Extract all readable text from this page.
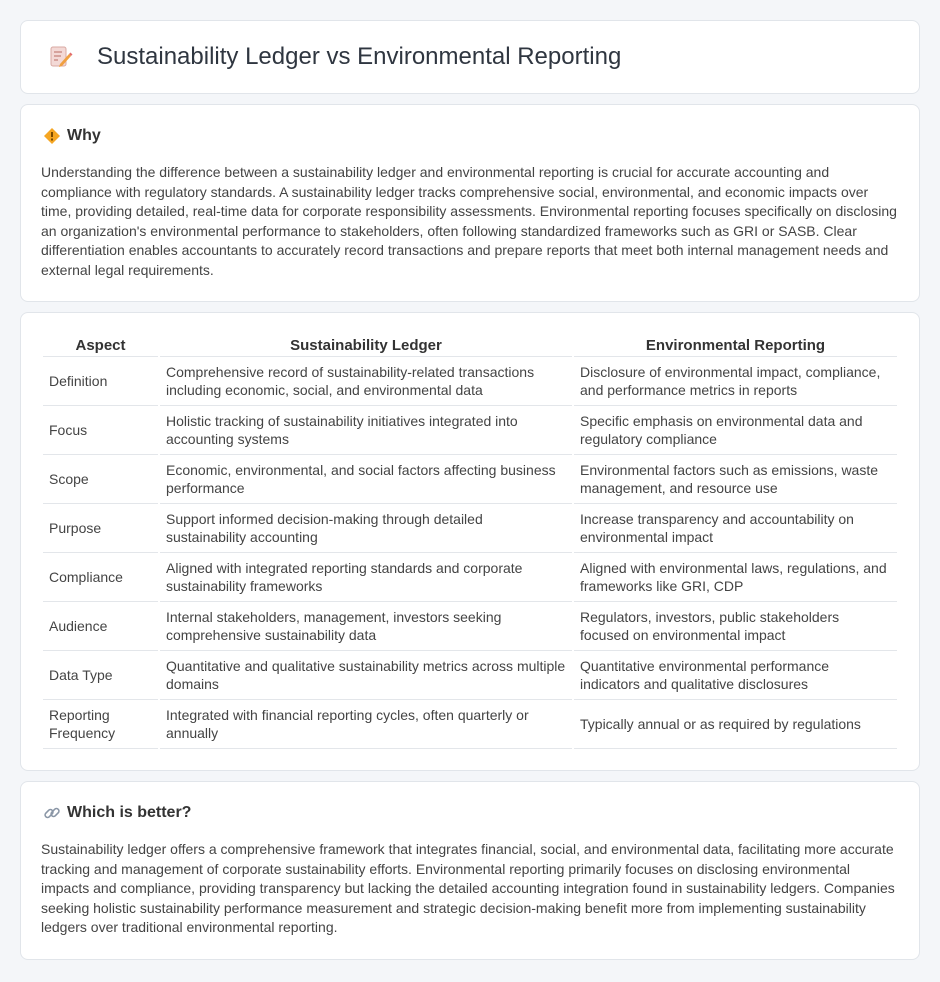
Sustainability Ledger vs Environmental Reporting
Why

Understanding the difference between a sustainability ledger and environmental reporting is crucial for accurate accounting and compliance with regulatory standards. A sustainability ledger tracks comprehensive social, environmental, and economic impacts over time, providing detailed, real-time data for corporate responsibility assessments. Environmental reporting focuses specifically on disclosing an organization's environmental performance to stakeholders, often following standardized frameworks such as GRI or SASB. Clear differentiation enables accountants to accurately record transactions and prepare reports that meet both internal management needs and external legal requirements.

Aspect	Sustainability Ledger	Environmental Reporting
Definition	Comprehensive record of sustainability-related transactions including economic, social, and environmental data	Disclosure of environmental impact, compliance, and performance metrics in reports
Focus	Holistic tracking of sustainability initiatives integrated into accounting systems	Specific emphasis on environmental data and regulatory compliance
Scope	Economic, environmental, and social factors affecting business performance	Environmental factors such as emissions, waste management, and resource use
Purpose	Support informed decision-making through detailed sustainability accounting	Increase transparency and accountability on environmental impact
Compliance	Aligned with integrated reporting standards and corporate sustainability frameworks	Aligned with environmental laws, regulations, and frameworks like GRI, CDP
Audience	Internal stakeholders, management, investors seeking comprehensive sustainability data	Regulators, investors, public stakeholders focused on environmental impact
Data Type	Quantitative and qualitative sustainability metrics across multiple domains	Quantitative environmental performance indicators and qualitative disclosures
Reporting Frequency	Integrated with financial reporting cycles, often quarterly or annually	Typically annual or as required by regulations
Which is better?

Sustainability ledger offers a comprehensive framework that integrates financial, social, and environmental data, facilitating more accurate tracking and management of corporate sustainability efforts. Environmental reporting primarily focuses on disclosing environmental impacts and compliance, providing transparency but lacking the detailed accounting integration found in sustainability ledgers. Companies seeking holistic sustainability performance measurement and strategic decision-making benefit more from implementing sustainability ledgers over traditional environmental reporting.
